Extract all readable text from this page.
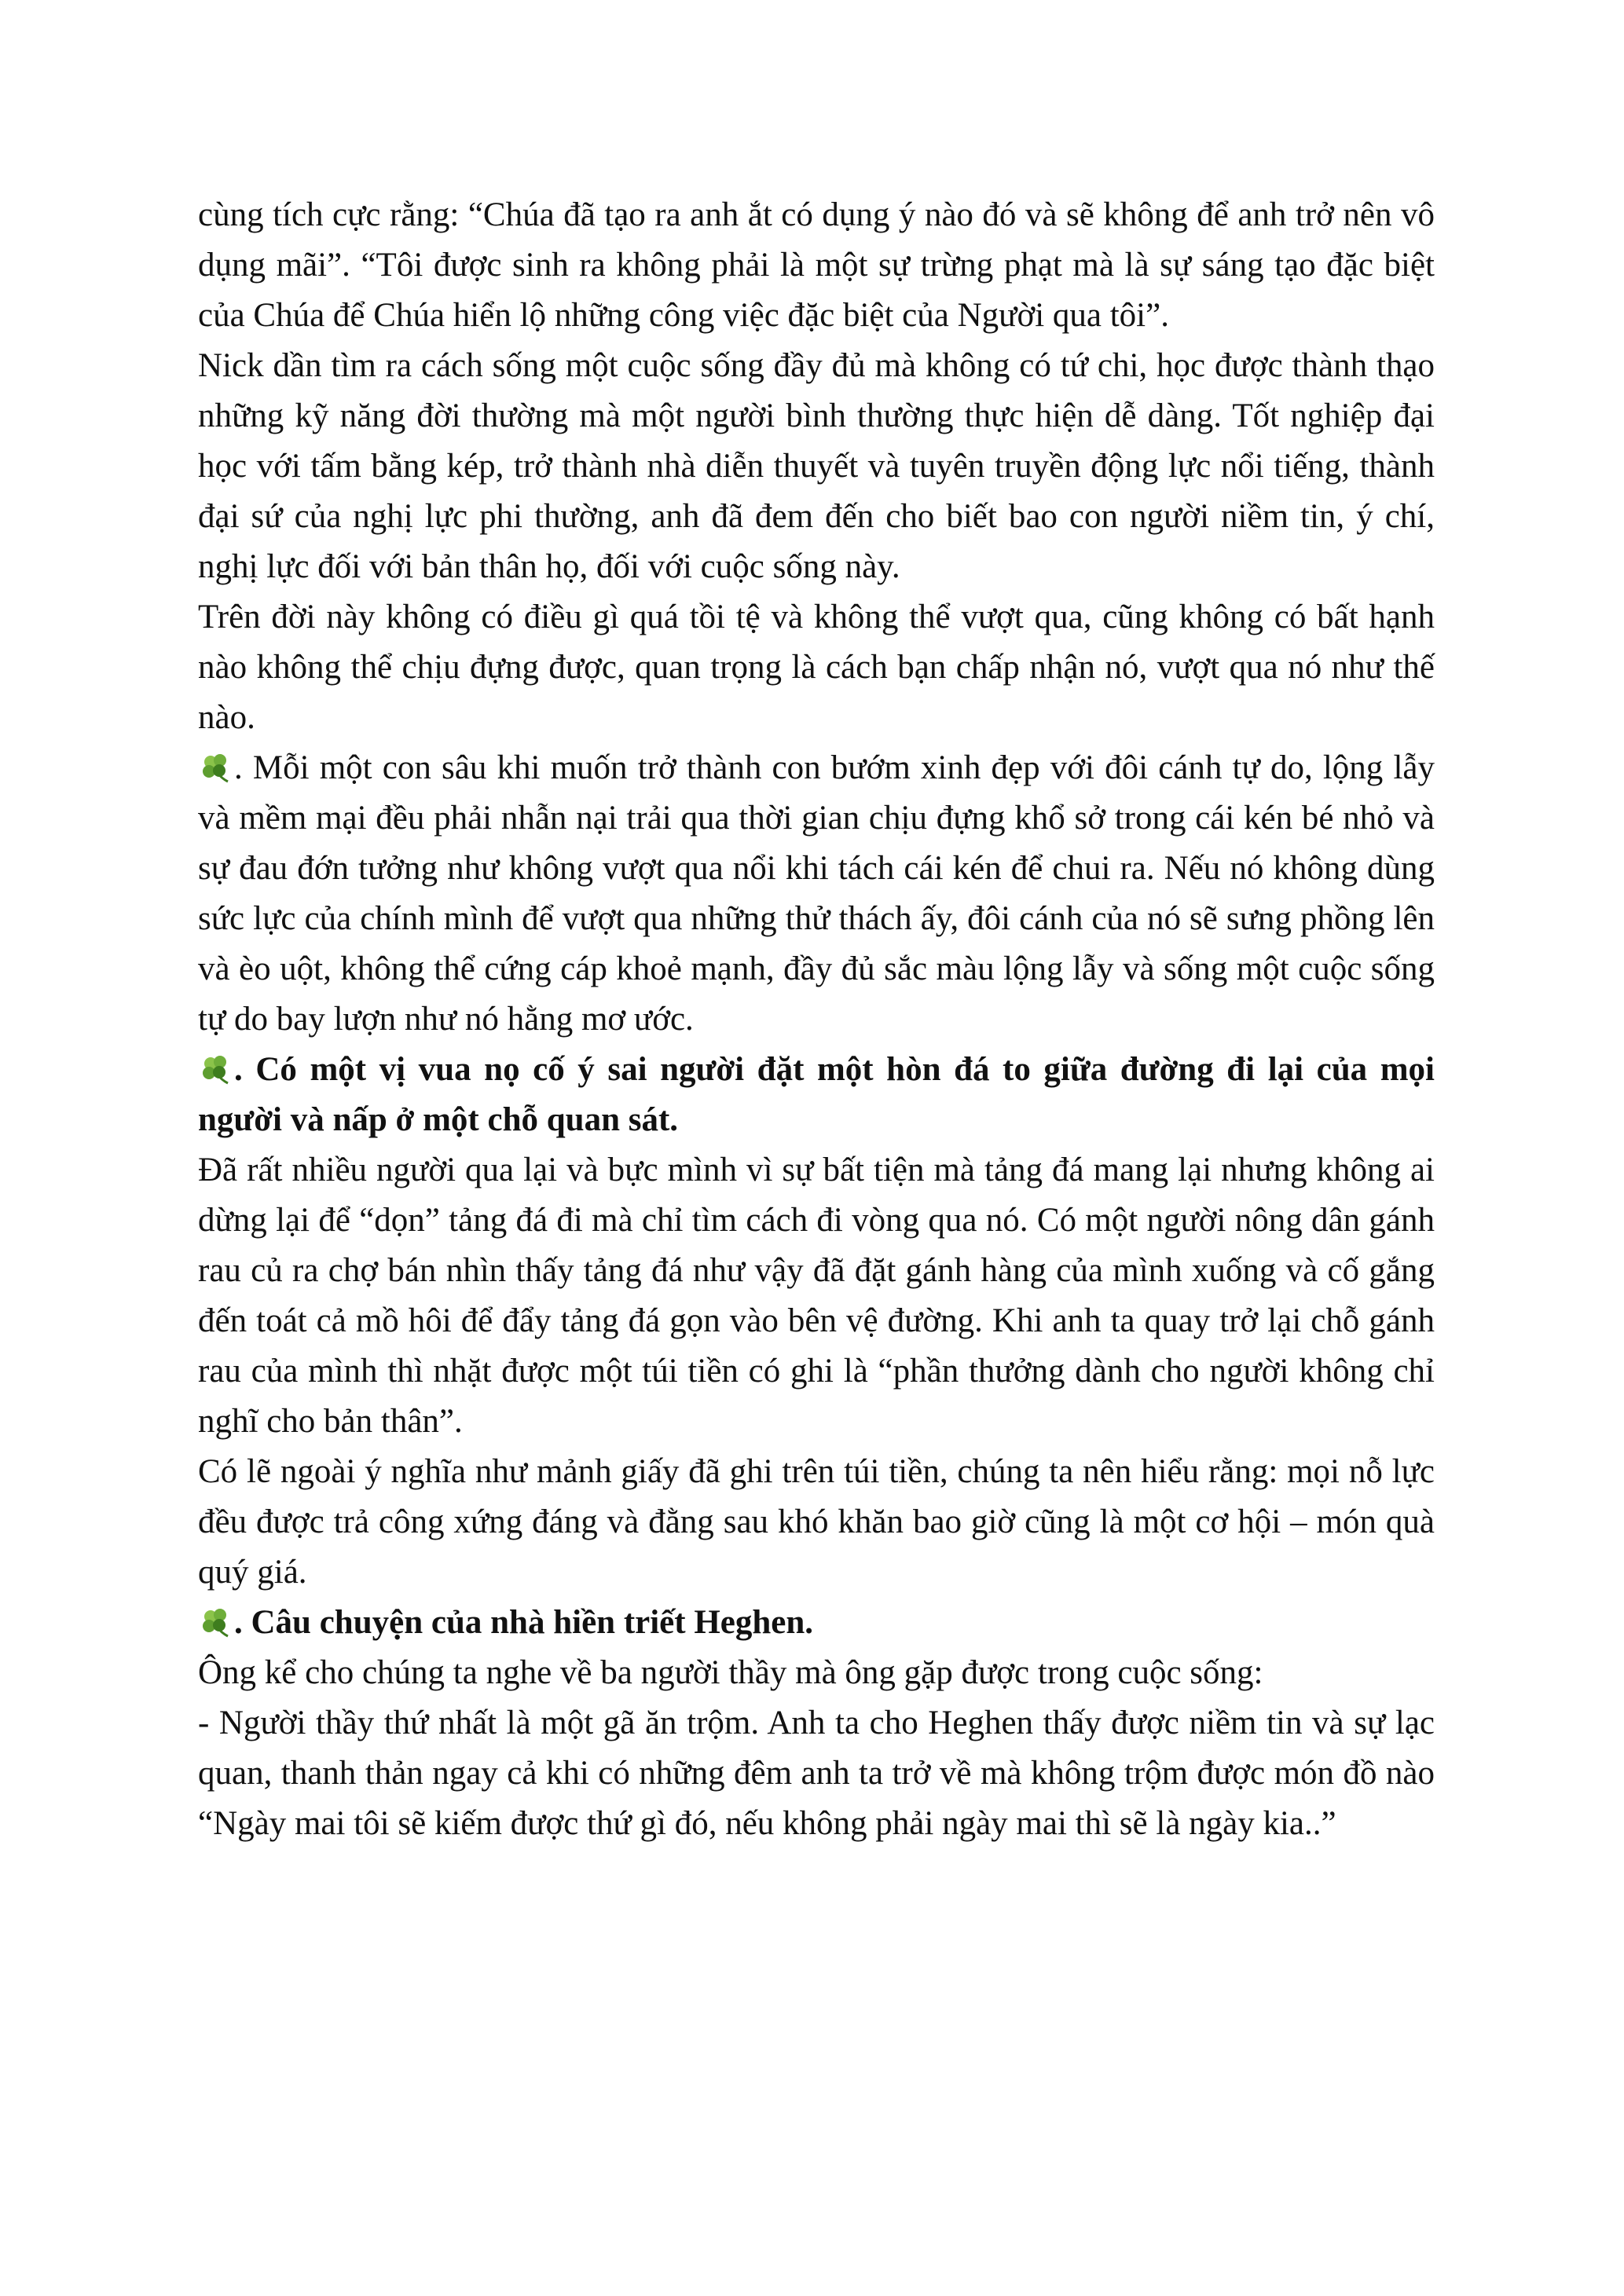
cùng tích cực rằng: “Chúa đã tạo ra anh ắt có dụng ý nào đó và sẽ không để anh trở nên vô dụng mãi”. “Tôi được sinh ra không phải là một sự trừng phạt mà là sự sáng tạo đặc biệt của Chúa để Chúa hiển lộ những công việc đặc biệt của Người qua tôi”.

Nick dần tìm ra cách sống một cuộc sống đầy đủ mà không có tứ chi, học được thành thạo những kỹ năng đời thường mà một người bình thường thực hiện dễ dàng. Tốt nghiệp đại học với tấm bằng kép, trở thành nhà diễn thuyết và tuyên truyền động lực nổi tiếng, thành đại sứ của nghị lực phi thường, anh đã đem đến cho biết bao con người niềm tin, ý chí, nghị lực đối với bản thân họ, đối với cuộc sống này.

Trên đời này không có điều gì quá tồi tệ và không thể vượt qua, cũng không có bất hạnh nào không thể chịu đựng được, quan trọng là cách bạn chấp nhận nó, vượt qua nó như thế nào.

. Mỗi một con sâu khi muốn trở thành con bướm xinh đẹp với đôi cánh tự do, lộng lẫy và mềm mại đều phải nhẫn nại trải qua thời gian chịu đựng khổ sở trong cái kén bé nhỏ và sự đau đớn tưởng như không vượt qua nổi khi tách cái kén để chui ra. Nếu nó không dùng sức lực của chính mình để vượt qua những thử thách ấy, đôi cánh của nó sẽ sưng phồng lên và èo uột, không thể cứng cáp khoẻ mạnh, đầy đủ sắc màu lộng lẫy và sống một cuộc sống tự do bay lượn như nó hằng mơ ước.

. Có một vị vua nọ cố ý sai người đặt một hòn đá to giữa đường đi lại của mọi người và nấp ở một chỗ quan sát.

Đã rất nhiều người qua lại và bực mình vì sự bất tiện mà tảng đá mang lại nhưng không ai dừng lại để “dọn” tảng đá đi mà chỉ tìm cách đi vòng qua nó. Có một người nông dân gánh rau củ ra chợ bán nhìn thấy tảng đá như vậy đã đặt gánh hàng của mình xuống và cố gắng đến toát cả mồ hôi để đẩy tảng đá gọn vào bên vệ đường. Khi anh ta quay trở lại chỗ gánh rau của mình thì nhặt được một túi tiền có ghi là “phần thưởng dành cho người không chỉ nghĩ cho bản thân”.

Có lẽ ngoài ý nghĩa như mảnh giấy đã ghi trên túi tiền, chúng ta nên hiểu rằng: mọi nỗ lực đều được trả công xứng đáng và đằng sau khó khăn bao giờ cũng là một cơ hội – món quà quý giá.

. Câu chuyện của nhà hiền triết Heghen.

Ông kể cho chúng ta nghe về ba người thầy mà ông gặp được trong cuộc sống:

- Người thầy thứ nhất là một gã ăn trộm. Anh ta cho Heghen thấy được niềm tin và sự lạc quan, thanh thản ngay cả khi có những đêm anh ta trở về mà không trộm được món đồ nào “Ngày mai tôi sẽ kiếm được thứ gì đó, nếu không phải ngày mai thì sẽ là ngày kia..”
